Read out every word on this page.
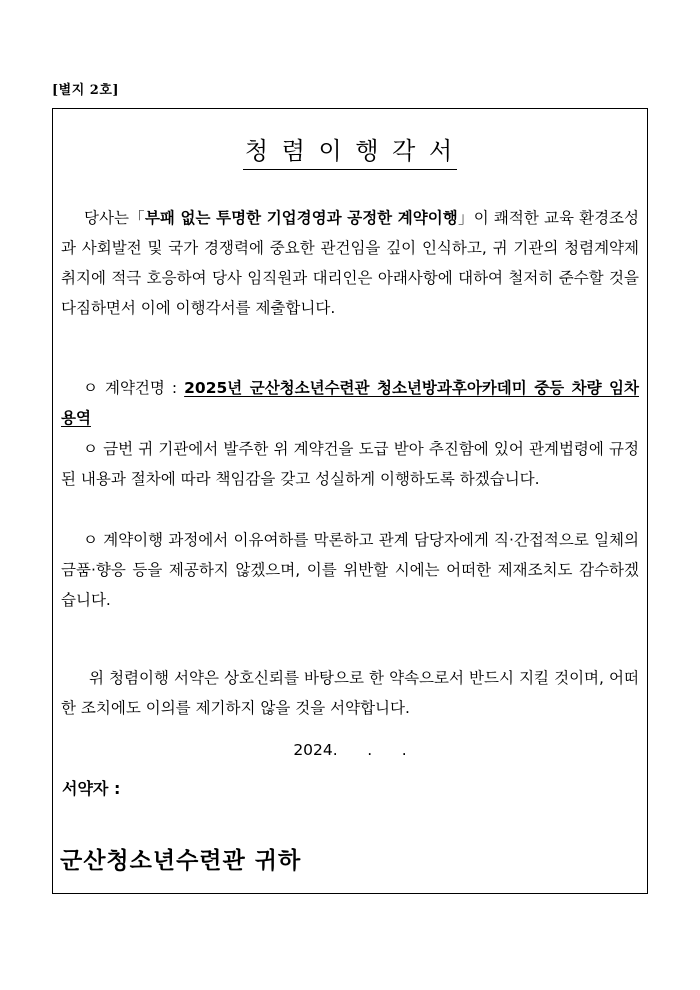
[별지 2호]
청 렴 이 행 각 서
당사는「부패 없는 투명한 기업경영과 공정한 계약이행」이 쾌적한 교육 환경조성과 사회발전 및 국가 경쟁력에 중요한 관건임을 깊이 인식하고, 귀 기관의 청렴계약제 취지에 적극 호응하여 당사 임직원과 대리인은 아래사항에 대하여 철저히 준수할 것을 다짐하면서 이에 이행각서를 제출합니다.
ㅇ 계약건명 : 2025년 군산청소년수련관 청소년방과후아카데미 중등 차량 임차 용역
ㅇ 금번 귀 기관에서 발주한 위 계약건을 도급 받아 추진함에 있어 관계법령에 규정된 내용과 절차에 따라 책임감을 갖고 성실하게 이행하도록 하겠습니다.
ㅇ 계약이행 과정에서 이유여하를 막론하고 관계 담당자에게 직·간접적으로 일체의 금품·향응 등을 제공하지 않겠으며, 이를 위반할 시에는 어떠한 제재조치도 감수하겠습니다.
위 청렴이행 서약은 상호신뢰를 바탕으로 한 약속으로서 반드시 지킬 것이며, 어떠한 조치에도 이의를 제기하지 않을 것을 서약합니다.
2024.      .      .
서약자 :
군산청소년수련관 귀하
